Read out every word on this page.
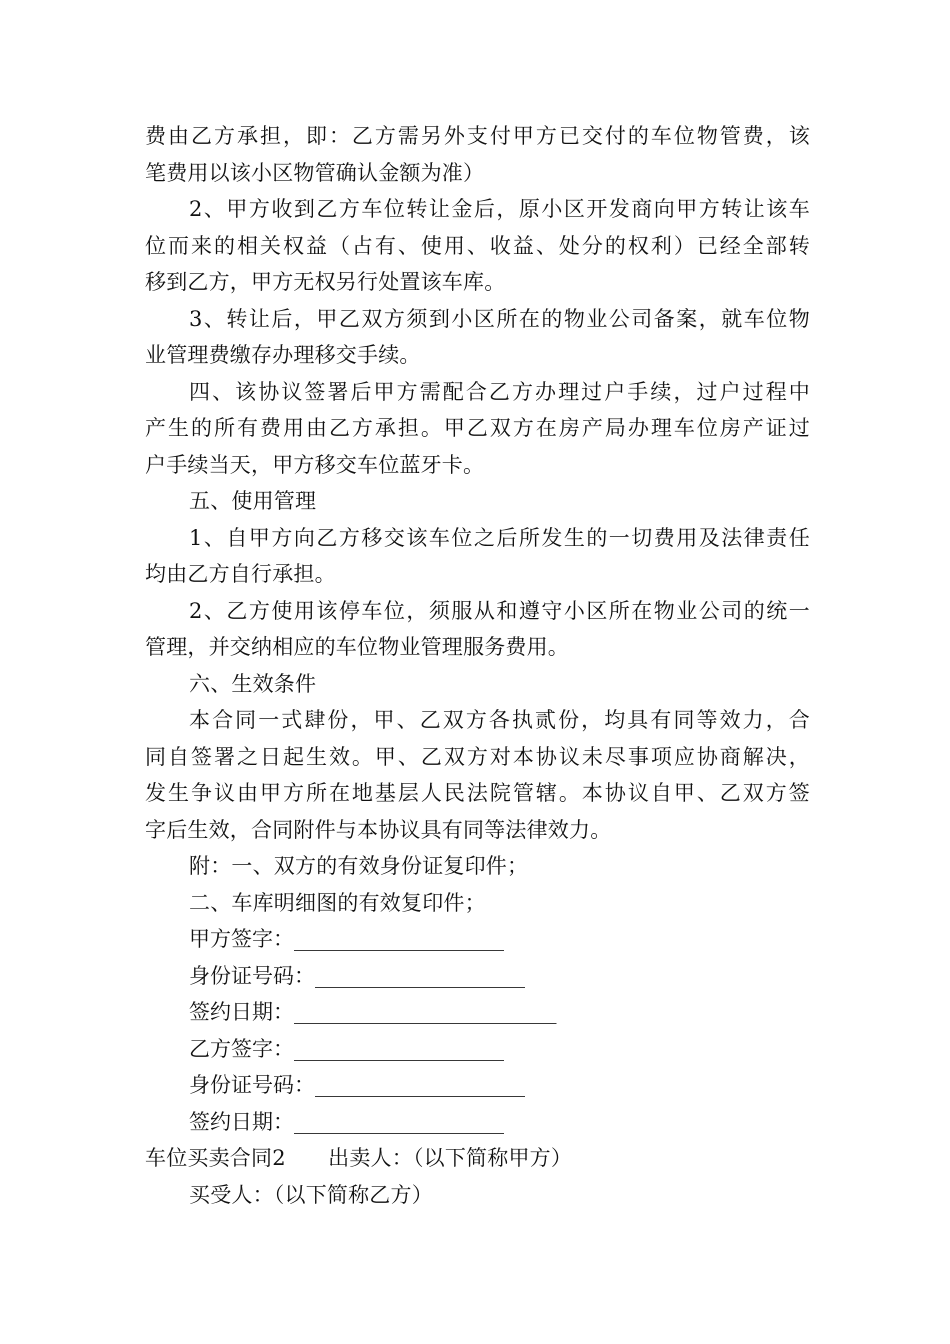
费由乙方承担，即：乙方需另外支付甲方已交付的车位物管费，该
笔费用以该小区物管确认金额为准）
2、甲方收到乙方车位转让金后，原小区开发商向甲方转让该车
位而来的相关权益（占有、使用、收益、处分的权利）已经全部转
移到乙方，甲方无权另行处置该车库。
3、转让后，甲乙双方须到小区所在的物业公司备案，就车位物
业管理费缴存办理移交手续。
四、该协议签署后甲方需配合乙方办理过户手续，过户过程中
产生的所有费用由乙方承担。甲乙双方在房产局办理车位房产证过
户手续当天，甲方移交车位蓝牙卡。
五、使用管理
1、自甲方向乙方移交该车位之后所发生的一切费用及法律责任
均由乙方自行承担。
2、乙方使用该停车位，须服从和遵守小区所在物业公司的统一
管理，并交纳相应的车位物业管理服务费用。
六、生效条件
本合同一式肆份，甲、乙双方各执贰份，均具有同等效力，合
同自签署之日起生效。甲、乙双方对本协议未尽事项应协商解决，
发生争议由甲方所在地基层人民法院管辖。本协议自甲、乙双方签
字后生效，合同附件与本协议具有同等法律效力。
附：一、双方的有效身份证复印件；
二、车库明细图的有效复印件；
甲方签字：____________________
身份证号码：____________________
签约日期：_________________________
乙方签字：____________________
身份证号码：____________________
签约日期：____________________
车位买卖合同2　　出卖人：（以下简称甲方）
买受人：（以下简称乙方）
